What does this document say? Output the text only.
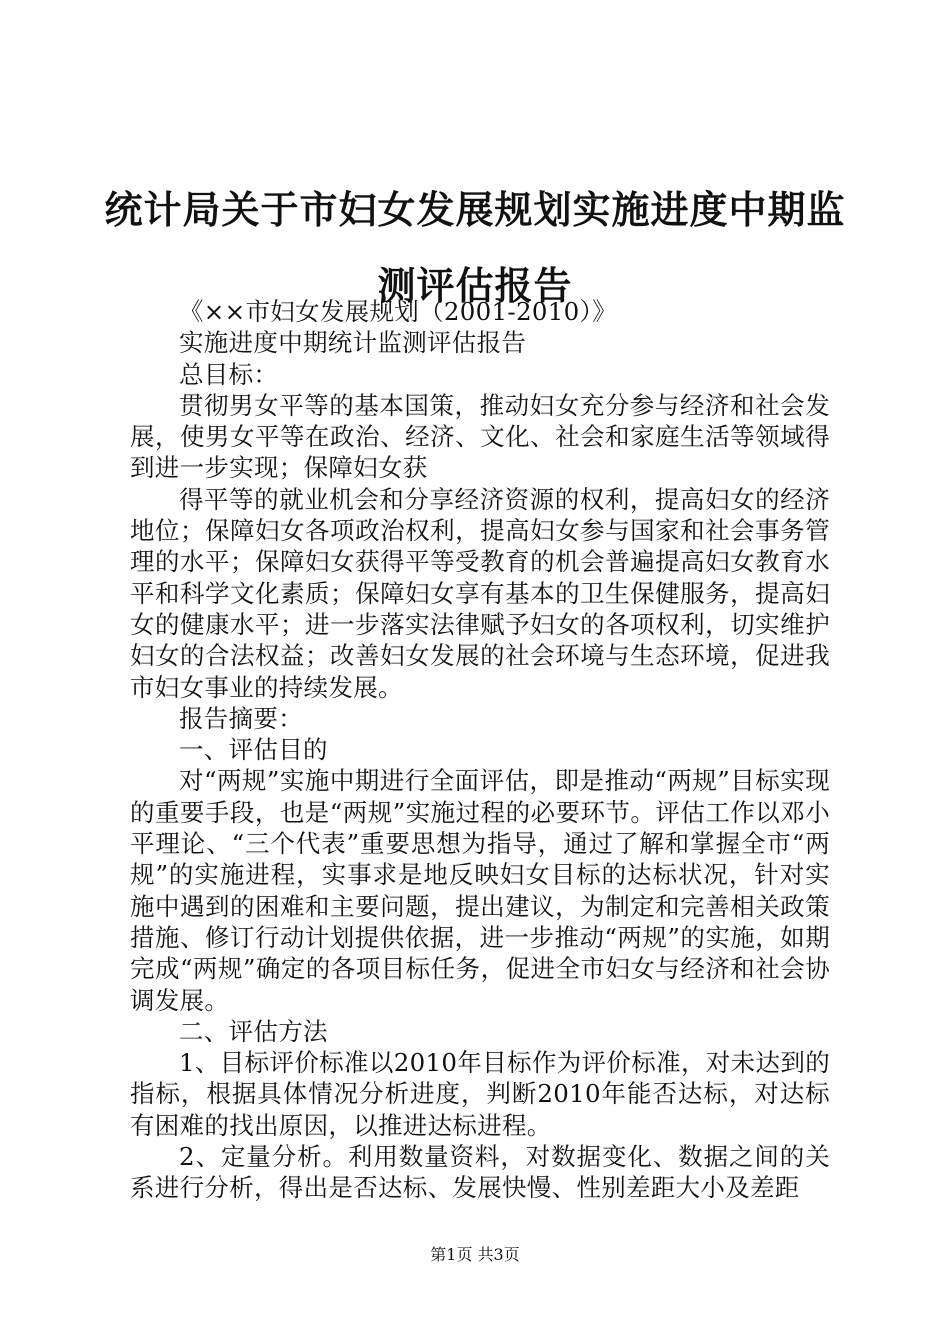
统计局关于市妇女发展规划实施进度中期监测评估报告

《××市妇女发展规划（2001-2010）》

实施进度中期统计监测评估报告

总目标：

贯彻男女平等的基本国策，推动妇女充分参与经济和社会发展，使男女平等在政治、经济、文化、社会和家庭生活等领域得到进一步实现；保障妇女获

得平等的就业机会和分享经济资源的权利，提高妇女的经济地位；保障妇女各项政治权利，提高妇女参与国家和社会事务管理的水平；保障妇女获得平等受教育的机会普遍提高妇女教育水平和科学文化素质；保障妇女享有基本的卫生保健服务，提高妇女的健康水平；进一步落实法律赋予妇女的各项权利，切实维护妇女的合法权益；改善妇女发展的社会环境与生态环境，促进我市妇女事业的持续发展。

报告摘要：

一、评估目的

对“两规”实施中期进行全面评估，即是推动“两规”目标实现的重要手段，也是“两规”实施过程的必要环节。评估工作以邓小平理论、“三个代表”重要思想为指导，通过了解和掌握全市“两规”的实施进程，实事求是地反映妇女目标的达标状况，针对实施中遇到的困难和主要问题，提出建议，为制定和完善相关政策措施、修订行动计划提供依据，进一步推动“两规”的实施，如期完成“两规”确定的各项目标任务，促进全市妇女与经济和社会协调发展。

二、评估方法

1、目标评价标准以2010年目标作为评价标准，对未达到的指标，根据具体情况分析进度，判断2010年能否达标，对达标有困难的找出原因，以推进达标进程。

2、定量分析。利用数量资料，对数据变化、数据之间的关系进行分析，得出是否达标、发展快慢、性别差距大小及差距

第1页 共3页
